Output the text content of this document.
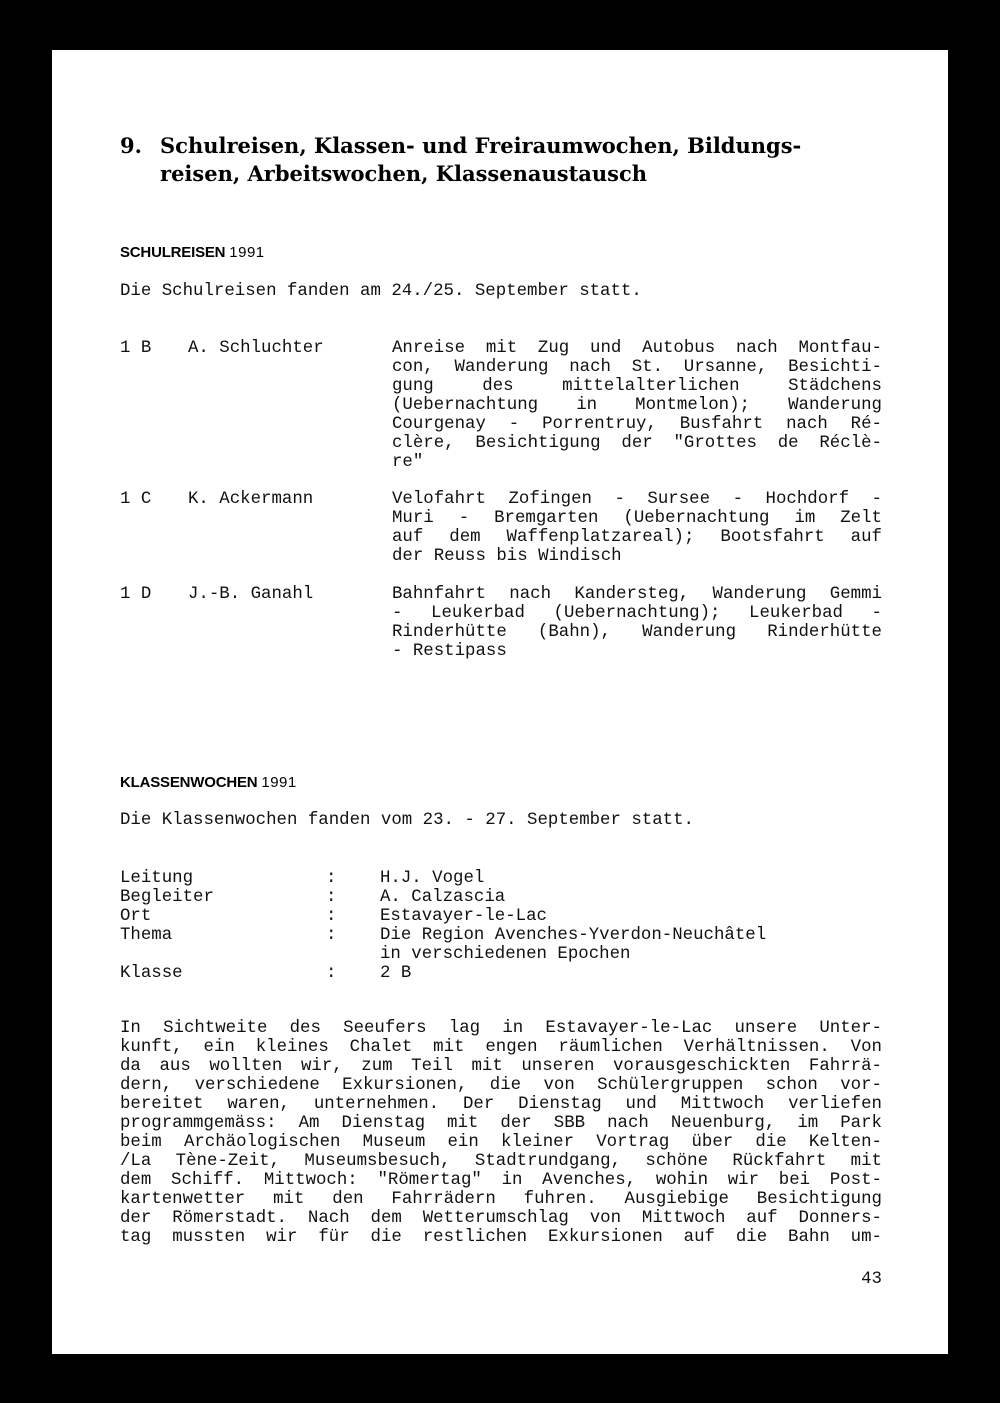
9. Schulreisen, Klassen- und Freiraumwochen, Bildungs-
reisen, Arbeitswochen, Klassenaustausch
SCHULREISEN 1991
Die Schulreisen fanden am 24./25. September statt.
1 B A. Schluchter	Anreise mit Zug und Autobus nach Montfau-
con, Wanderung nach St. Ursanne, Besichti-
gung des mittelalterlichen Städchens
(Uebernachtung in Montmelon); Wanderung
Courgenay - Porrentruy, Busfahrt nach Ré-
clère, Besichtigung der "Grottes de Réclè-
re"
1 C K. Ackermann	Velofahrt Zofingen - Sursee - Hochdorf -
Muri - Bremgarten (Uebernachtung im Zelt
auf dem Waffenplatzareal); Bootsfahrt auf
der Reuss bis Windisch
1 D J.-B. Ganahl	Bahnfahrt nach Kandersteg, Wanderung Gemmi
- Leukerbad (Uebernachtung); Leukerbad -
Rinderhütte (Bahn), Wanderung Rinderhütte
- Restipass
KLASSENWOCHEN 1991
Die Klassenwochen fanden vom 23. - 27. September statt.
Leitung	:	H.J. Vogel
Begleiter	:	A. Calzascia
Ort	:	Estavayer-le-Lac
Thema	:	Die Region Avenches-Yverdon-Neuchâtel
in verschiedenen Epochen
Klasse	:	2 B
In Sichtweite des Seeufers lag in Estavayer-le-Lac unsere Unter-
kunft, ein kleines Chalet mit engen räumlichen Verhältnissen. Von
da aus wollten wir, zum Teil mit unseren vorausgeschickten Fahrrä-
dern, verschiedene Exkursionen, die von Schülergruppen schon vor-
bereitet waren, unternehmen. Der Dienstag und Mittwoch verliefen
programmgemäss: Am Dienstag mit der SBB nach Neuenburg, im Park
beim Archäologischen Museum ein kleiner Vortrag über die Kelten-
/La Tène-Zeit, Museumsbesuch, Stadtrundgang, schöne Rückfahrt mit
dem Schiff. Mittwoch: "Römertag" in Avenches, wohin wir bei Post-
kartenwetter mit den Fahrrädern fuhren. Ausgiebige Besichtigung
der Römerstadt. Nach dem Wetterumschlag von Mittwoch auf Donners-
tag mussten wir für die restlichen Exkursionen auf die Bahn um-
43
